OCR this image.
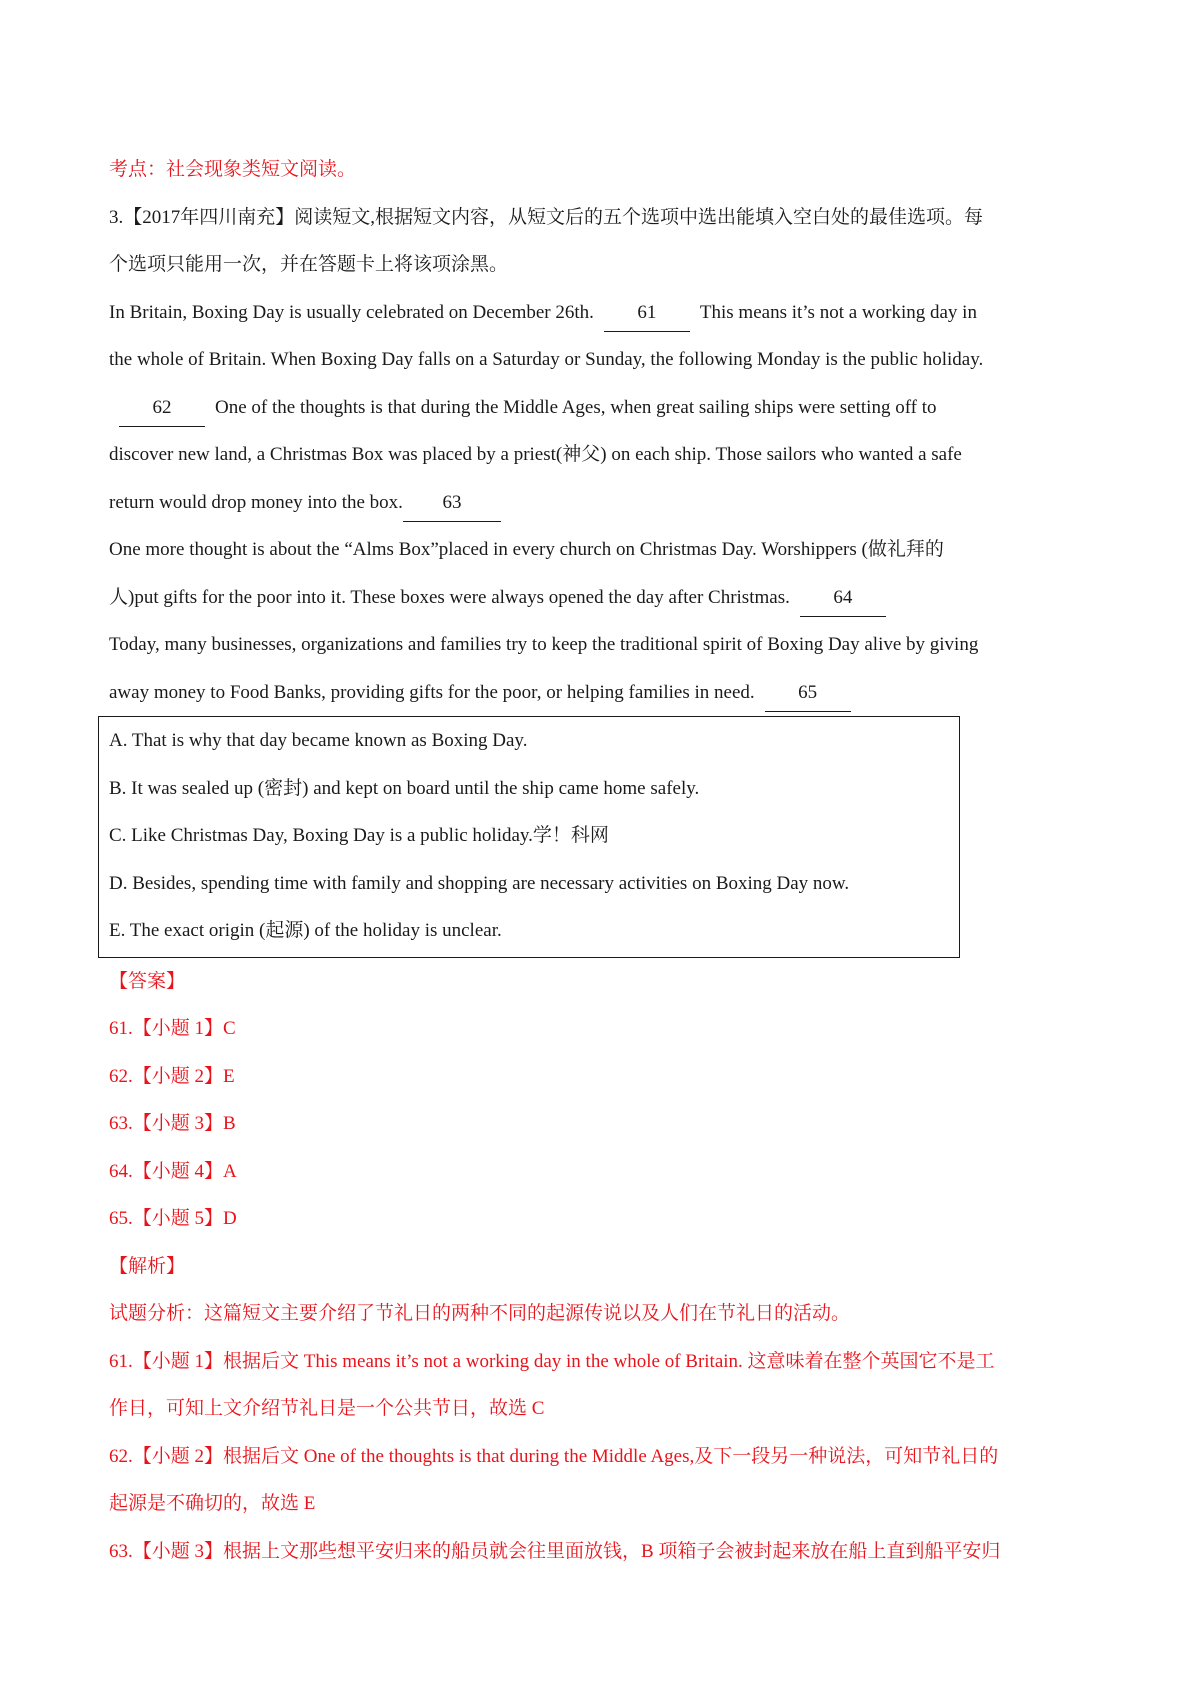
考点：社会现象类短文阅读。
3.【2017年四川南充】阅读短文,根据短文内容，从短文后的五个选项中选出能填入空白处的最佳选项。每
个选项只能用一次，并在答题卡上将该项涂黑。
In Britain, Boxing Day is usually celebrated on December 26th. 61 This means it’s not a working day in
the whole of Britain. When Boxing Day falls on a Saturday or Sunday, the following Monday is the public holiday.
62 One of the thoughts is that during the Middle Ages, when great sailing ships were setting off to
discover new land, a Christmas Box was placed by a priest(神父) on each ship. Those sailors who wanted a safe
return would drop money into the box. 63
One more thought is about the “Alms Box”placed in every church on Christmas Day. Worshippers (做礼拜的
人)put gifts for the poor into it. These boxes were always opened the day after Christmas. 64
Today, many businesses, organizations and families try to keep the traditional spirit of Boxing Day alive by giving
away money to Food Banks, providing gifts for the poor, or helping families in need. 65
A. That is why that day became known as Boxing Day.
B. It was sealed up (密封) and kept on board until the ship came home safely.
C. Like Christmas Day, Boxing Day is a public holiday.学！科网
D. Besides, spending time with family and shopping are necessary activities on Boxing Day now.
E. The exact origin (起源) of the holiday is unclear.
【答案】
61.【小题 1】C
62.【小题 2】E
63.【小题 3】B
64.【小题 4】A
65.【小题 5】D
【解析】
试题分析：这篇短文主要介绍了节礼日的两种不同的起源传说以及人们在节礼日的活动。
61.【小题 1】根据后文 This means it’s not a working day in the whole of Britain. 这意味着在整个英国它不是工
作日，可知上文介绍节礼日是一个公共节日，故选 C
62.【小题 2】根据后文 One of the thoughts is that during the Middle Ages,及下一段另一种说法，可知节礼日的
起源是不确切的，故选 E
63.【小题 3】根据上文那些想平安归来的船员就会往里面放钱，B 项箱子会被封起来放在船上直到船平安归
